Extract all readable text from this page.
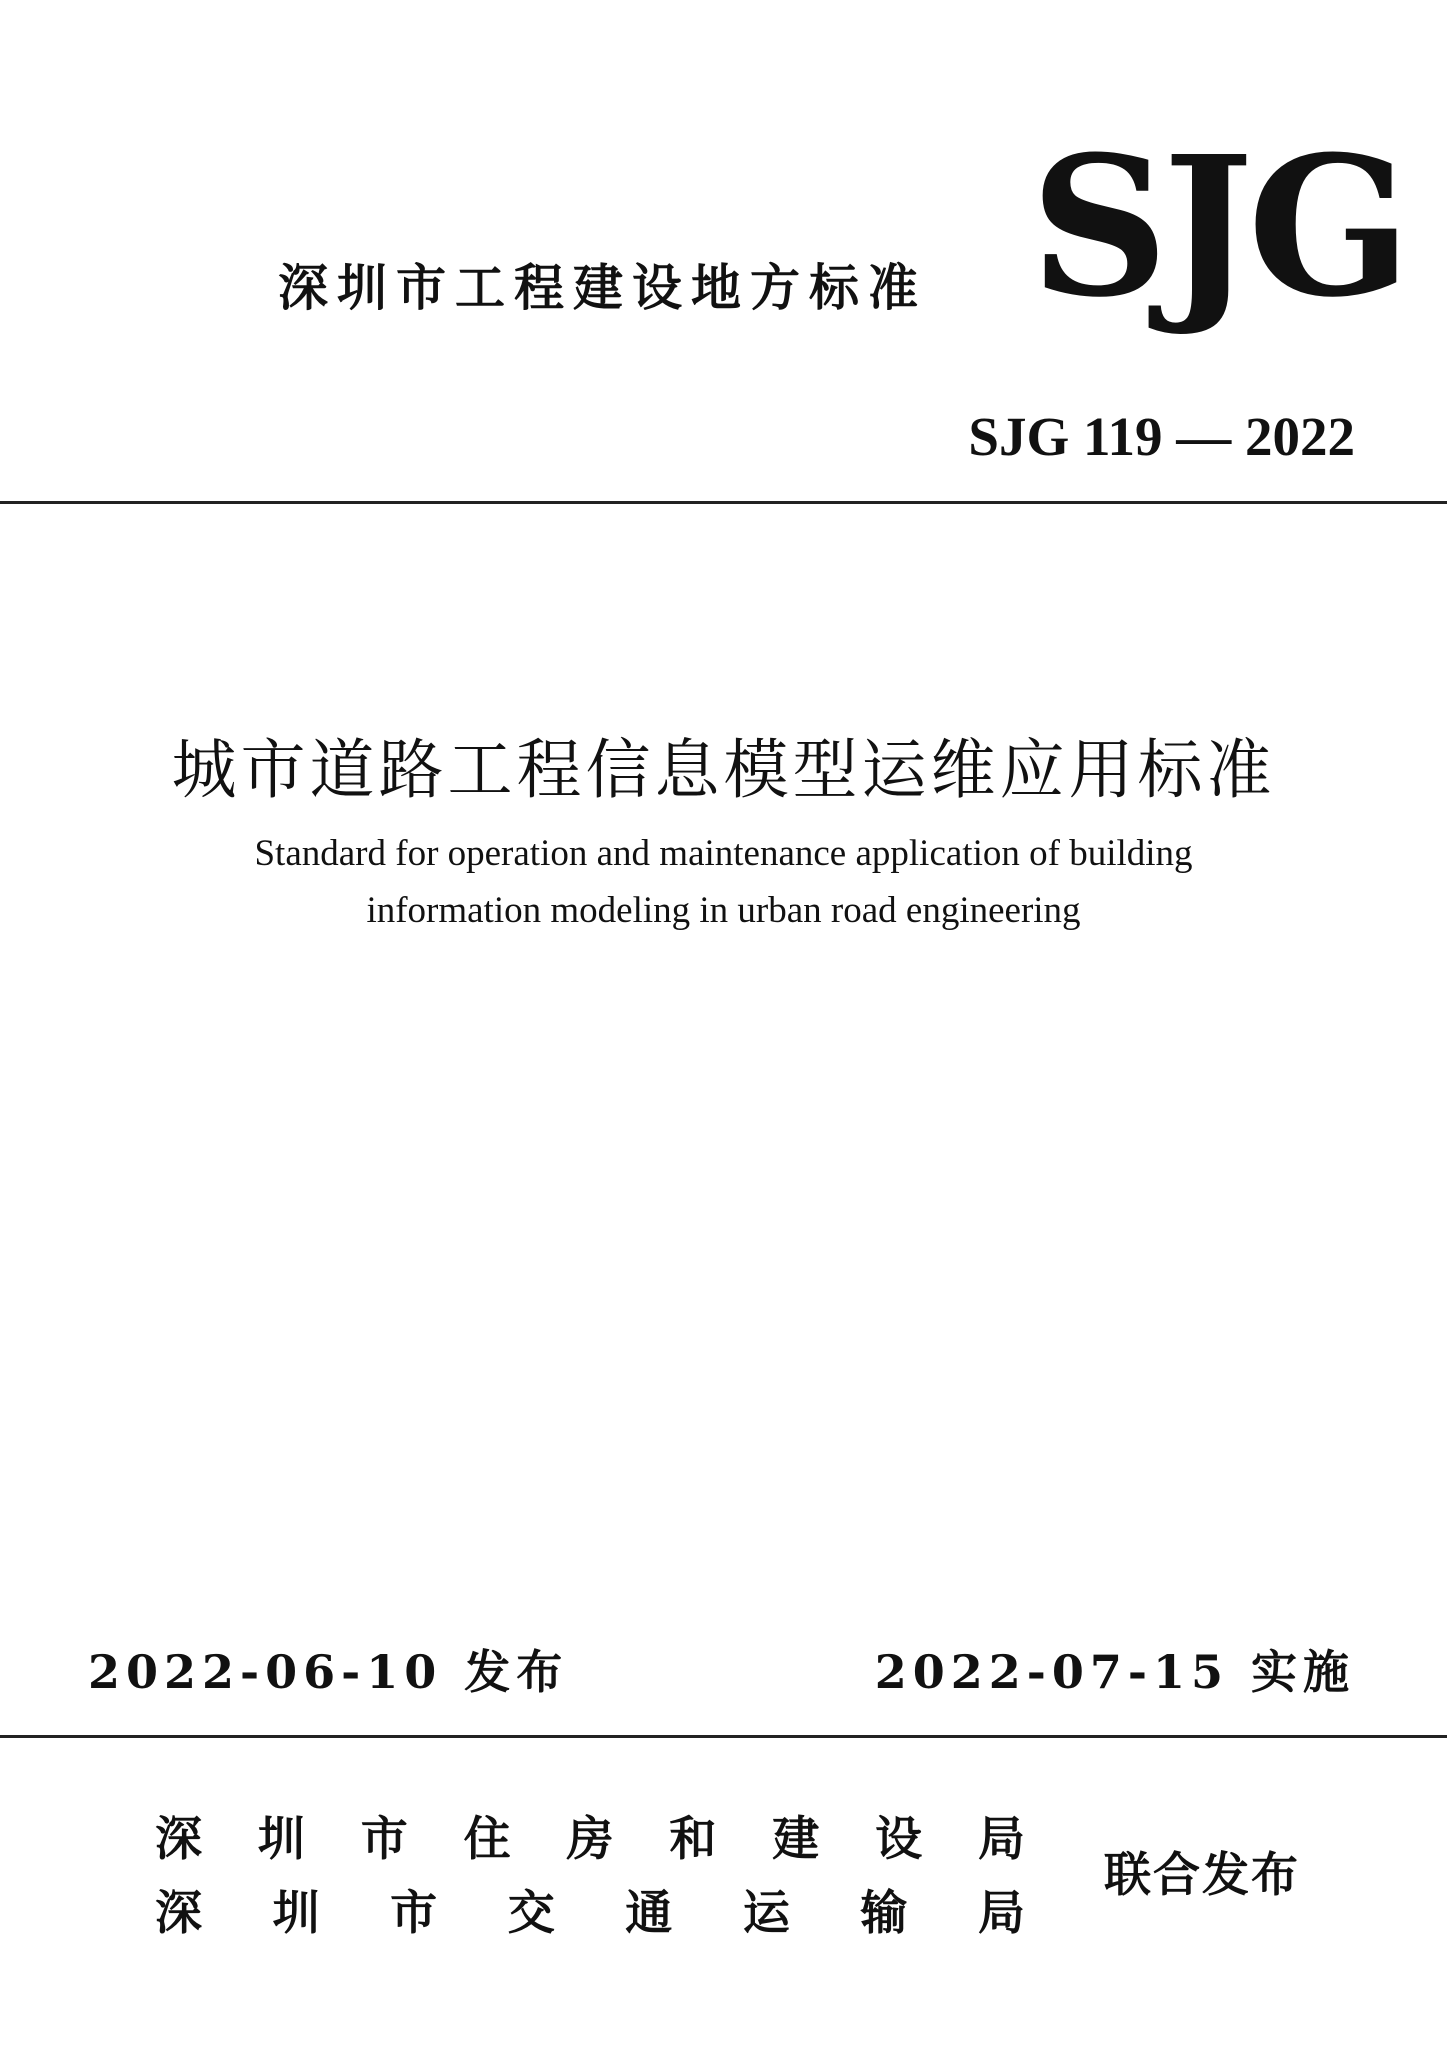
深圳市工程建设地方标准 SJG
SJG 119 — 2022
城市道路工程信息模型运维应用标准
Standard for operation and maintenance application of building
information modeling in urban road engineering
2022-06-10 发布	2022-07-15 实施
深 圳 市 住 房 和 建 设 局
深 圳 市 交 通 运 输 局
联合发布
